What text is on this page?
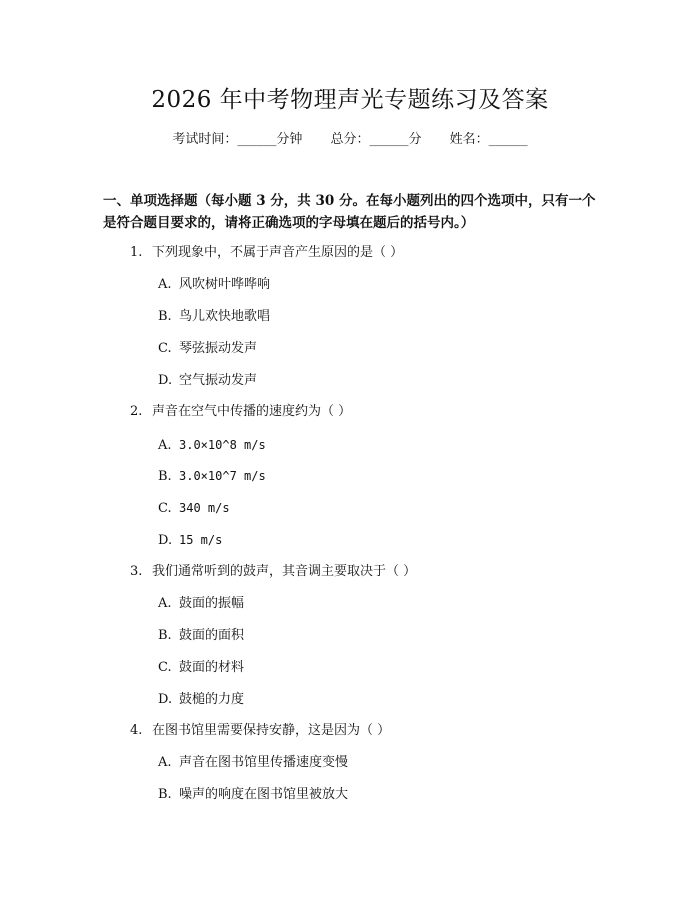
2026 年中考物理声光专题练习及答案
考试时间：______分钟 总分：______分 姓名：______
一、单项选择题（每小题 3 分，共 30 分。在每小题列出的四个选项中，只有一个是符合题目要求的，请将正确选项的字母填在题后的括号内。）
1. 下列现象中，不属于声音产生原因的是（ ）
A. 风吹树叶哗哗响
B. 鸟儿欢快地歌唱
C. 琴弦振动发声
D. 空气振动发声
2. 声音在空气中传播的速度约为（ ）
A. 3.0×10^8 m/s
B. 3.0×10^7 m/s
C. 340 m/s
D. 15 m/s
3. 我们通常听到的鼓声，其音调主要取决于（ ）
A. 鼓面的振幅
B. 鼓面的面积
C. 鼓面的材料
D. 鼓槌的力度
4. 在图书馆里需要保持安静，这是因为（ ）
A. 声音在图书馆里传播速度变慢
B. 噪声的响度在图书馆里被放大
